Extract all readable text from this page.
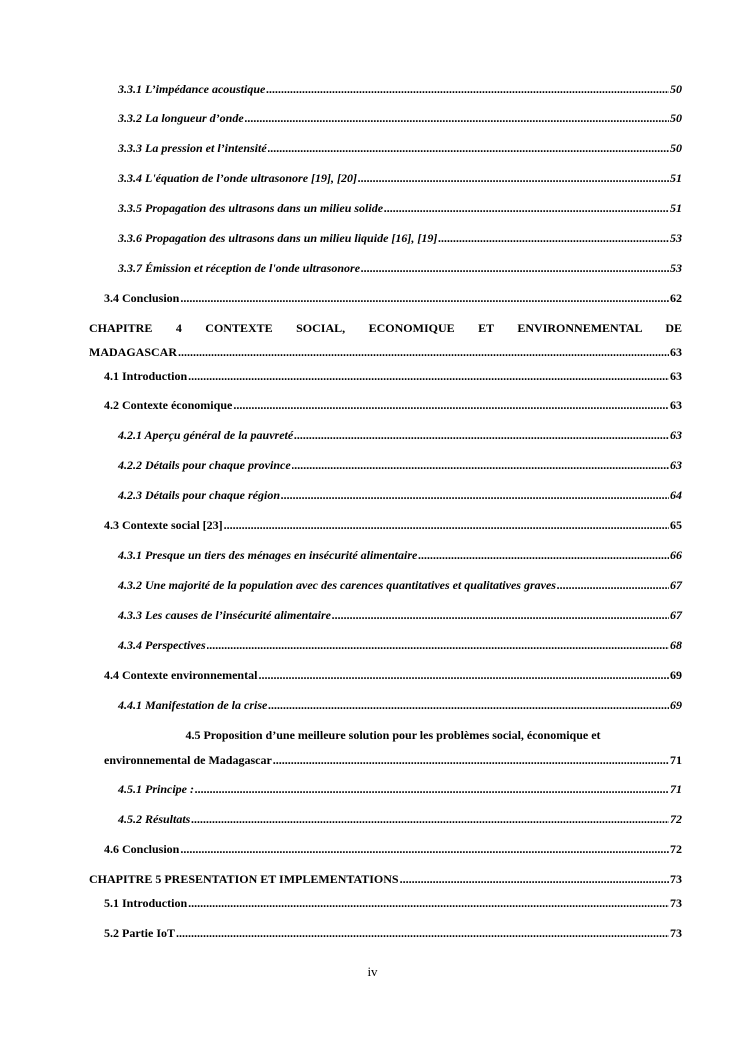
3.3.1 L’impédance acoustique .....	50
3.3.2 La longueur d’onde .....	50
3.3.3 La pression et l’intensité .....	50
3.3.4 L'équation de l’onde ultrasonore [19], [20] .....	51
3.3.5 Propagation des ultrasons dans un milieu solide .....	51
3.3.6 Propagation des ultrasons dans un milieu liquide [16], [19] .....	53
3.3.7 Émission et réception de l'onde ultrasonore .....	53
3.4 Conclusion .....	62
CHAPITRE 4 CONTEXTE SOCIAL, ECONOMIQUE ET ENVIRONNEMENTAL DE
MADAGASCAR .....	63
4.1 Introduction .....	63
4.2 Contexte économique .....	63
4.2.1 Aperçu général de la pauvreté .....	63
4.2.2 Détails pour chaque province .....	63
4.2.3 Détails pour chaque région .....	64
4.3 Contexte social [23] .....	65
4.3.1 Presque un tiers des ménages en insécurité alimentaire .....	66
4.3.2 Une majorité de la population avec des carences quantitatives et qualitatives graves .....	67
4.3.3 Les causes de l’insécurité alimentaire .....	67
4.3.4 Perspectives .....	68
4.4 Contexte environnemental .....	69
4.4.1 Manifestation de la crise .....	69
4.5 Proposition d’une meilleure solution pour les problèmes social, économique et
environnemental de Madagascar .....	71
4.5.1 Principe : .....	71
4.5.2 Résultats .....	72
4.6 Conclusion .....	72
CHAPITRE 5 PRESENTATION ET IMPLEMENTATIONS .....	73
5.1 Introduction .....	73
5.2 Partie IoT .....	73
iv
